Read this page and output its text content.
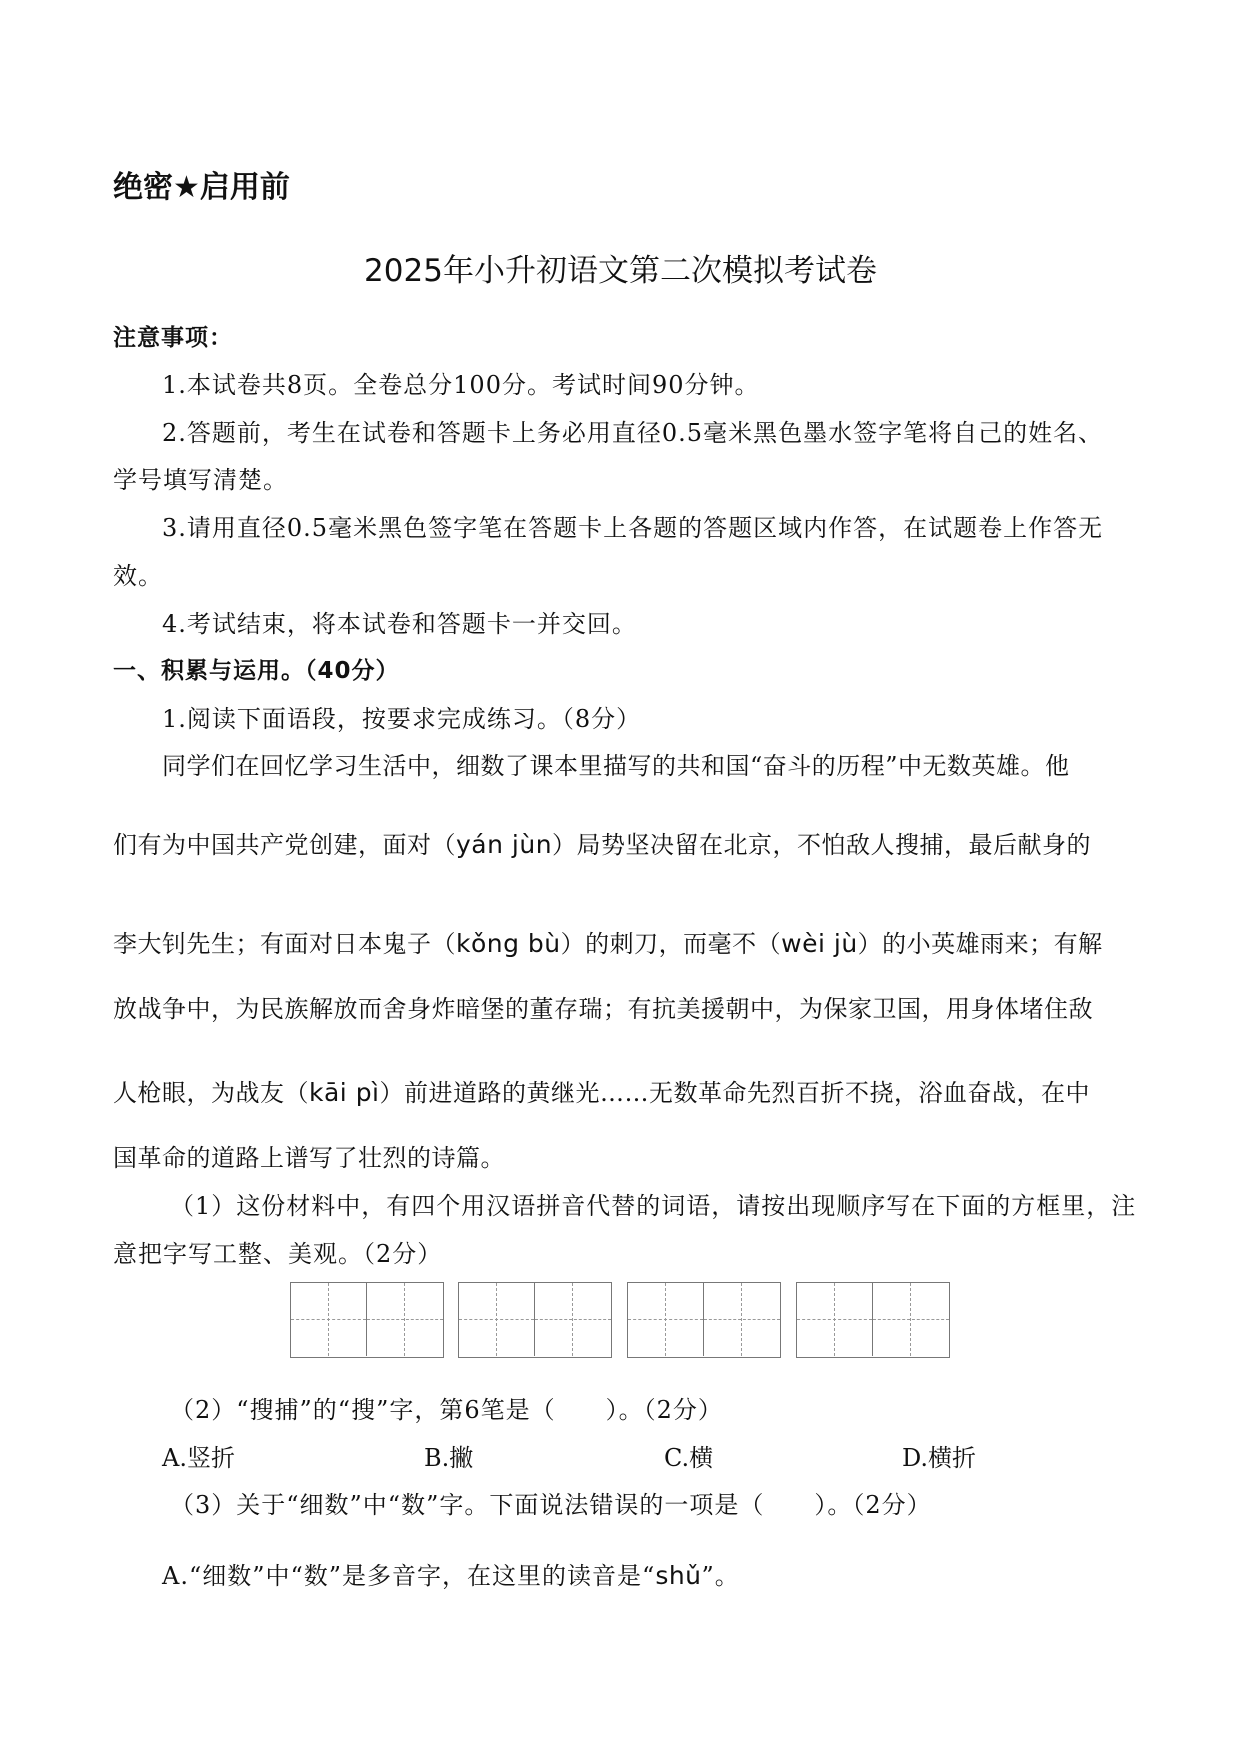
绝密★启用前
2025年小升初语文第二次模拟考试卷
注意事项：
1.本试卷共8页。全卷总分100分。考试时间90分钟。
2.答题前，考生在试卷和答题卡上务必用直径0.5毫米黑色墨水签字笔将自己的姓名、
学号填写清楚。
3.请用直径0.5毫米黑色签字笔在答题卡上各题的答题区域内作答，在试题卷上作答无
效。
4.考试结束，将本试卷和答题卡一并交回。
一、积累与运用。（40分）
1.阅读下面语段，按要求完成练习。（8分）
同学们在回忆学习生活中，细数了课本里描写的共和国“奋斗的历程”中无数英雄。他
们有为中国共产党创建，面对（yán jùn）局势坚决留在北京，不怕敌人搜捕，最后献身的
李大钊先生；有面对日本鬼子（kǒng bù）的刺刀，而毫不（wèi jù）的小英雄雨来；有解
放战争中，为民族解放而舍身炸暗堡的董存瑞；有抗美援朝中，为保家卫国，用身体堵住敌
人枪眼，为战友（kāi pì）前进道路的黄继光……无数革命先烈百折不挠，浴血奋战，在中
国革命的道路上谱写了壮烈的诗篇。
（1）这份材料中，有四个用汉语拼音代替的词语，请按出现顺序写在下面的方框里，注
意把字写工整、美观。（2分）
（2）“搜捕”的“搜”字，第6笔是（　　）。（2分）
A.竖折	B.撇	C.横	D.横折
（3）关于“细数”中“数”字。下面说法错误的一项是（　　）。（2分）
A.“细数”中“数”是多音字，在这里的读音是“shǔ”。
